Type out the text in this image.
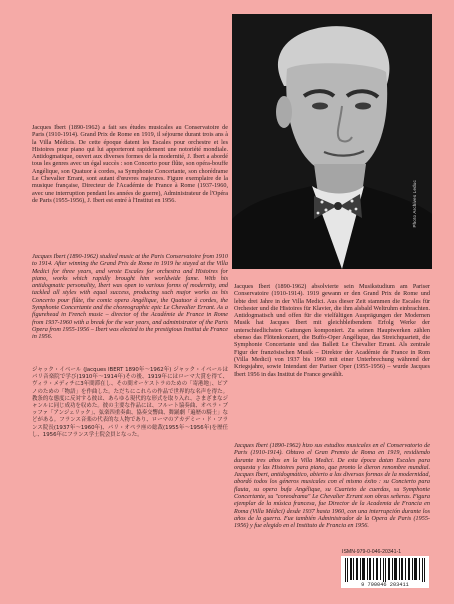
Photo Archives Leduc

Jacques Ibert (1890-1962) a fait ses études musicales au Conservatoire de Paris (1910-1914). Grand Prix de Rome en 1919, il séjourne durant trois ans à la Villa Médicis. De cette époque datent les Escales pour orchestre et les Histoires pour piano qui lui apporteront rapidement une notoriété mondiale. Antidogmatique, ouvert aux diverses formes de la modernité, J. Ibert a abordé tous les genres avec un égal succès : son Concerto pour flûte, son opéra-bouffe Angélique, son Quatuor à cordes, sa Symphonie Concertante, son chorédrame Le Chevalier Errant, sont autant d'œuvres majeures. Figure exemplaire de la musique française, Directeur de l'Académie de France à Rome (1937-1960, avec une interruption pendant les années de guerre), Administrateur de l'Opéra de Paris (1955-1956), J. Ibert est entré à l'Institut en 1956.

Jacques Ibert (1890-1962) studied music at the Paris Conservatoire from 1910 to 1914. After winning the Grand Prix de Rome in 1919 he stayed at the Villa Medici for three years, and wrote Escales for orchestra and Histoires for piano, works which rapidly brought him worldwide fame. With his antidogmatic personality, Ibert was open to various forms of modernity, and tackled all styles with equal success, producing such major works as his Concerto pour flûte, the comic opera Angélique, the Quatuor à cordes, the Symphonie Concertante and the choreographic epic Le Chevalier Errant. As a figurehead in French music – director of the Académie de France in Rome from 1937-1960 with a break for the war years, and administrator of the Paris Opera from 1955-1956 – Ibert was elected to the prestigious Institut de France in 1956.

ジャック・イベール (Jacques IBERT 1890年〜1962年) ジャック・イベールはパリ音楽院で学び(1910年〜1914年)その後、1919年にはローマ大賞を得て、ヴィラ・メディチに3年間滞在し、その間オーケストラのための「寄港地」、ピアノのための「物語」を作曲した。ただちにこれらの作品で世界的な名声を得た。教条的な態度に反対する彼は、あらゆる現代的な形式を取り入れ、さまざまなジャンルに同じ成功を収めた。彼の主要な作品には、フルート協奏曲、オペラ・ブッファ「アンジェリック」、弦楽四重奏曲、協奏交響曲、舞踊劇「遍歴の騎士」などがある。フランス音楽の代表的な人物であり、ローマのアカデミー・ド・フランス院長(1937年〜1960年)、パリ・オペラ座の総裁(1955年〜1956年)を歴任し、1956年にフランス学士院会員となった。

Jacques Ibert (1890-1962) absolvierte sein Musikstudium am Pariser Conservatoire (1910-1914). 1919 gewann er den Grand Prix de Rome und lebte drei Jahre in der Villa Medici. Aus dieser Zeit stammen die Escales für Orchester und die Histoires für Klavier, die ihm alsbald Weltruhm einbrachten. Antidogmatisch und offen für die vielfältigen Ausprägungen der Modernen Musik hat Jacques Ibert mit gleichbleibendem Erfolg Werke der unterschiedlichsten Gattungen komponiert. Zu seinen Hauptwerken zählen ebenso das Flötenkonzert, die Buffo-Oper Angélique, das Streichquartett, die Symphonie Concertante und das Ballett Le Chevalier Errant. Als zentrale Figur der französischen Musik – Direktor der Académie de France in Rom (Villa Medici) von 1937 bis 1960 mit einer Unterbrechung während der Kriegsjahre, sowie Intendant der Pariser Oper (1955-1956) – wurde Jacques Ibert 1956 in das Institut de France gewählt.

Jacques Ibert (1890-1962) hizo sus estudios musicales en el Conservatorio de Paris (1910-1914). Obtuvo el Gran Premio de Roma en 1919, residiendo durante tres años en la Villa Medici. De esta época datan Escales para orquesta y las Histoires para piano, que pronto le dieron renombre mundial. Jacques Ibert, antidogmático, abierto a las diversas formas de la modernidad, abordó todos los géneros musicales con el mismo éxito : su Concierto para flauta, su opera bufa Angélique, su Cuarteto de cuerdas, su Symphonie Concertante, su "coreodrama" Le Chevalier Errant son obras señeras. Figura ejemplar de la música francesa, fue Director de la Academia de Francia en Roma (Villa Médici) desde 1937 hasta 1960, con una interrupción durante los años de la guerra. Fue también Administrador de la Opera de Paris (1955-1956) y fue elegido en el Instituto de Francia en 1956.

ISMN-979-0-046-20341-1
9 790046 203411
